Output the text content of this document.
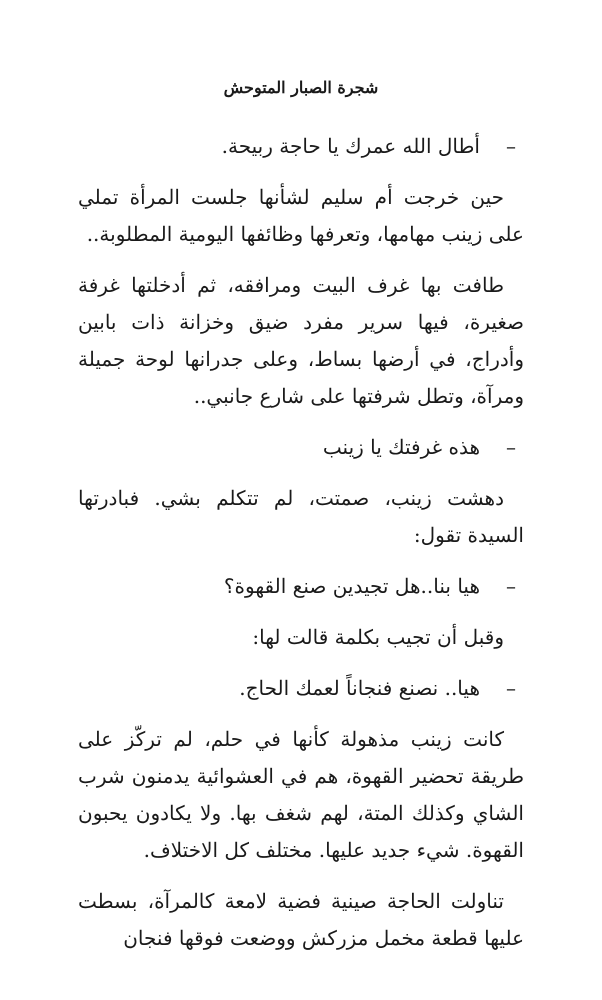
شجرة الصبار المتوحش
–
أطال الله عمرك يا حاجة ربيحة.

حين خرجت أم سليم لشأنها جلست المرأة تملي على زينب مهامها، وتعرفها وظائفها اليومية المطلوبة..

طافت بها غرف البيت ومرافقه، ثم أدخلتها غرفة صغيرة، فيها سرير مفرد ضيق وخزانة ذات بابين وأدراج، في أرضها بساط، وعلى جدرانها لوحة جميلة ومرآة، وتطل شرفتها على شارع جانبي..

–
هذه غرفتك يا زينب

دهشت زينب، صمتت، لم تتكلم بشي. فبادرتها السيدة تقول:

–
هيا بنا..هل تجيدين صنع القهوة؟

وقبل أن تجيب بكلمة قالت لها:

–
هيا.. نصنع فنجاناً لعمك الحاج.

كانت زينب مذهولة كأنها في حلم، لم تركّز على طريقة تحضير القهوة، هم في العشوائية يدمنون شرب الشاي وكذلك المتة، لهم شغف بها. ولا يكادون يحبون القهوة. شيء جديد عليها. مختلف كل الاختلاف.

تناولت الحاجة صينية فضية لامعة كالمرآة، بسطت عليها قطعة مخمل مزركش ووضعت فوقها فنجان
